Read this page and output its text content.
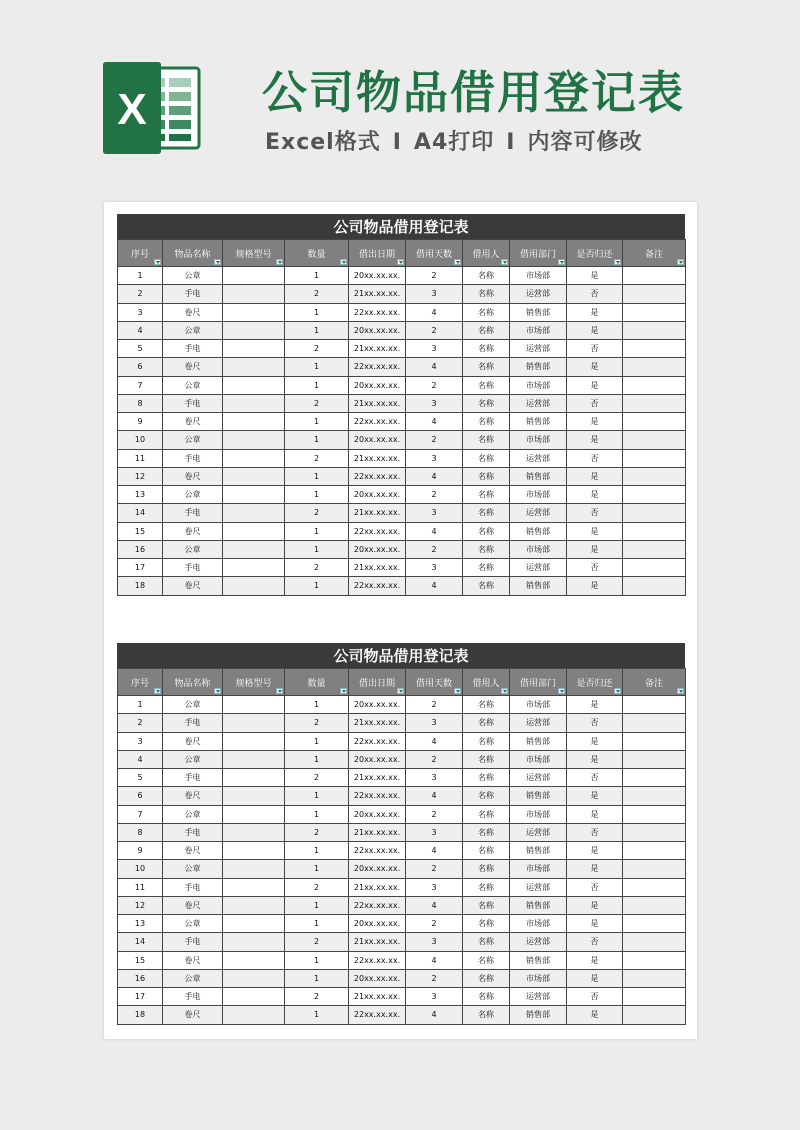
X	公司物品借用登记表
Excel格式 I A4打印 I 内容可修改
公司物品借用登记表
序号	物品名称	规格型号	数量	借出日期	借用天数	借用人	借用部门	是否归还	备注

1	公章		1	20xx.xx.xx.	2	名称	市场部	是	
2	手电		2	21xx.xx.xx.	3	名称	运营部	否	
3	卷尺		1	22xx.xx.xx.	4	名称	销售部	是	
4	公章		1	20xx.xx.xx.	2	名称	市场部	是	
5	手电		2	21xx.xx.xx.	3	名称	运营部	否	
6	卷尺		1	22xx.xx.xx.	4	名称	销售部	是	
7	公章		1	20xx.xx.xx.	2	名称	市场部	是	
8	手电		2	21xx.xx.xx.	3	名称	运营部	否	
9	卷尺		1	22xx.xx.xx.	4	名称	销售部	是	
10	公章		1	20xx.xx.xx.	2	名称	市场部	是	
11	手电		2	21xx.xx.xx.	3	名称	运营部	否	
12	卷尺		1	22xx.xx.xx.	4	名称	销售部	是	
13	公章		1	20xx.xx.xx.	2	名称	市场部	是	
14	手电		2	21xx.xx.xx.	3	名称	运营部	否	
15	卷尺		1	22xx.xx.xx.	4	名称	销售部	是	
16	公章		1	20xx.xx.xx.	2	名称	市场部	是	
17	手电		2	21xx.xx.xx.	3	名称	运营部	否	
18	卷尺		1	22xx.xx.xx.	4	名称	销售部	是	
公司物品借用登记表
序号	物品名称	规格型号	数量	借出日期	借用天数	借用人	借用部门	是否归还	备注

1	公章		1	20xx.xx.xx.	2	名称	市场部	是	
2	手电		2	21xx.xx.xx.	3	名称	运营部	否	
3	卷尺		1	22xx.xx.xx.	4	名称	销售部	是	
4	公章		1	20xx.xx.xx.	2	名称	市场部	是	
5	手电		2	21xx.xx.xx.	3	名称	运营部	否	
6	卷尺		1	22xx.xx.xx.	4	名称	销售部	是	
7	公章		1	20xx.xx.xx.	2	名称	市场部	是	
8	手电		2	21xx.xx.xx.	3	名称	运营部	否	
9	卷尺		1	22xx.xx.xx.	4	名称	销售部	是	
10	公章		1	20xx.xx.xx.	2	名称	市场部	是	
11	手电		2	21xx.xx.xx.	3	名称	运营部	否	
12	卷尺		1	22xx.xx.xx.	4	名称	销售部	是	
13	公章		1	20xx.xx.xx.	2	名称	市场部	是	
14	手电		2	21xx.xx.xx.	3	名称	运营部	否	
15	卷尺		1	22xx.xx.xx.	4	名称	销售部	是	
16	公章		1	20xx.xx.xx.	2	名称	市场部	是	
17	手电		2	21xx.xx.xx.	3	名称	运营部	否	
18	卷尺		1	22xx.xx.xx.	4	名称	销售部	是	
